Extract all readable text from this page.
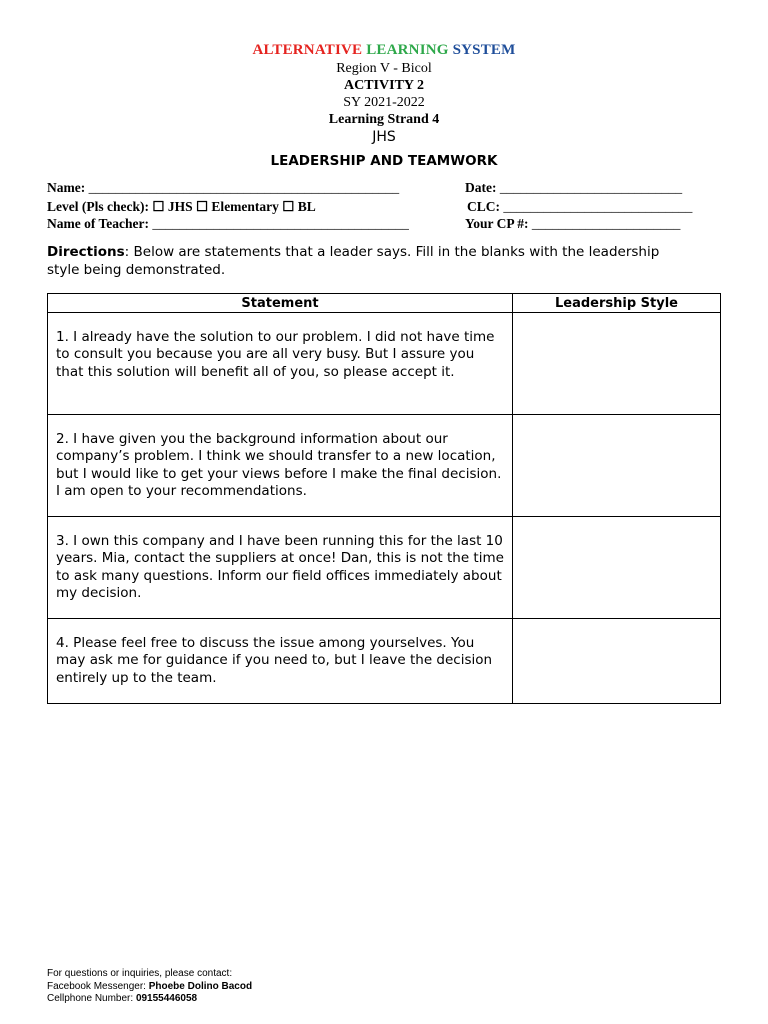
ALTERNATIVE LEARNING SYSTEM
Region V - Bicol
ACTIVITY 2
SY 2021-2022
Learning Strand 4
JHS
LEADERSHIP AND TEAMWORK
Name: ______________________________________________	Date: ___________________________
Level (Pls check): ☐ JHS ☐ Elementary ☐ BL	CLC: ____________________________
Name of Teacher: ______________________________________	Your CP #: ______________________
Directions: Below are statements that a leader says. Fill in the blanks with the leadership style being demonstrated.
Statement	Leadership Style
1. I already have the solution to our problem. I did not have time to consult you because you are all very busy. But I assure you that this solution will benefit all of you, so please accept it.	
2. I have given you the background information about our company’s problem. I think we should transfer to a new location, but I would like to get your views before I make the final decision. I am open to your recommendations.	
3. I own this company and I have been running this for the last 10 years. Mia, contact the suppliers at once! Dan, this is not the time to ask many questions. Inform our field offices immediately about my decision.	
4. Please feel free to discuss the issue among yourselves. You may ask me for guidance if you need to, but I leave the decision entirely up to the team.	
For questions or inquiries, please contact:
Facebook Messenger: Phoebe Dolino Bacod
Cellphone Number: 09155446058
